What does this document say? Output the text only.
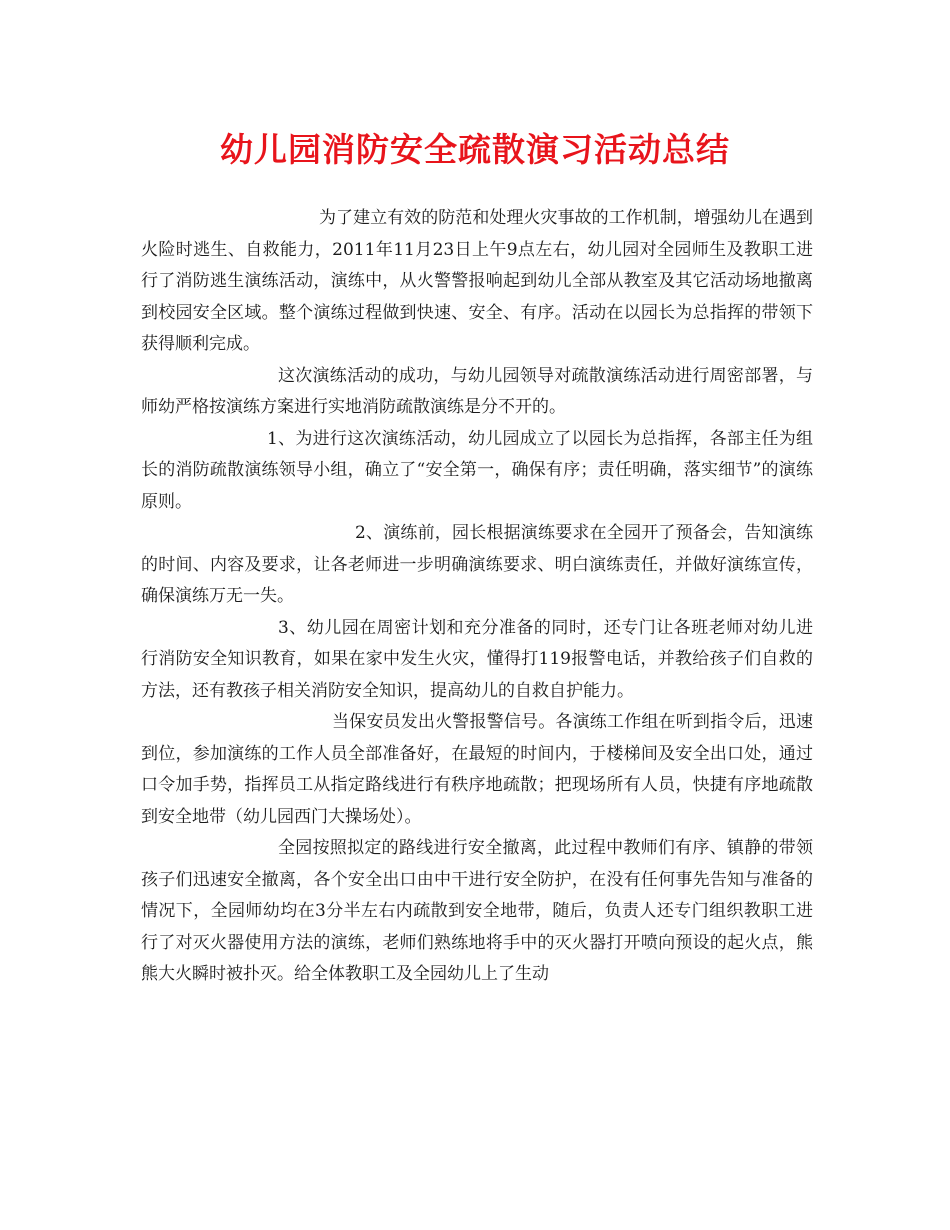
幼儿园消防安全疏散演习活动总结

为了建立有效的防范和处理火灾事故的工作机制，增强幼儿在遇到火险时逃生、自救能力，2011年11月23日上午9点左右，幼儿园对全园师生及教职工进行了消防逃生演练活动，演练中，从火警警报响起到幼儿全部从教室及其它活动场地撤离到校园安全区域。整个演练过程做到快速、安全、有序。活动在以园长为总指挥的带领下获得顺利完成。

这次演练活动的成功，与幼儿园领导对疏散演练活动进行周密部署，与师幼严格按演练方案进行实地消防疏散演练是分不开的。

1、为进行这次演练活动，幼儿园成立了以园长为总指挥，各部主任为组长的消防疏散演练领导小组，确立了“安全第一，确保有序；责任明确，落实细节”的演练原则。

2、演练前，园长根据演练要求在全园开了预备会，告知演练的时间、内容及要求，让各老师进一步明确演练要求、明白演练责任，并做好演练宣传，确保演练万无一失。

3、幼儿园在周密计划和充分准备的同时，还专门让各班老师对幼儿进行消防安全知识教育，如果在家中发生火灾，懂得打119报警电话，并教给孩子们自救的方法，还有教孩子相关消防安全知识，提高幼儿的自救自护能力。

当保安员发出火警报警信号。各演练工作组在听到指令后，迅速到位，参加演练的工作人员全部准备好，在最短的时间内，于楼梯间及安全出口处，通过口令加手势，指挥员工从指定路线进行有秩序地疏散；把现场所有人员，快捷有序地疏散到安全地带（幼儿园西门大操场处）。

全园按照拟定的路线进行安全撤离，此过程中教师们有序、镇静的带领孩子们迅速安全撤离，各个安全出口由中干进行安全防护，在没有任何事先告知与准备的情况下，全园师幼均在3分半左右内疏散到安全地带，随后，负责人还专门组织教职工进行了对灭火器使用方法的演练，老师们熟练地将手中的灭火器打开喷向预设的起火点，熊熊大火瞬时被扑灭。给全体教职工及全园幼儿上了生动
